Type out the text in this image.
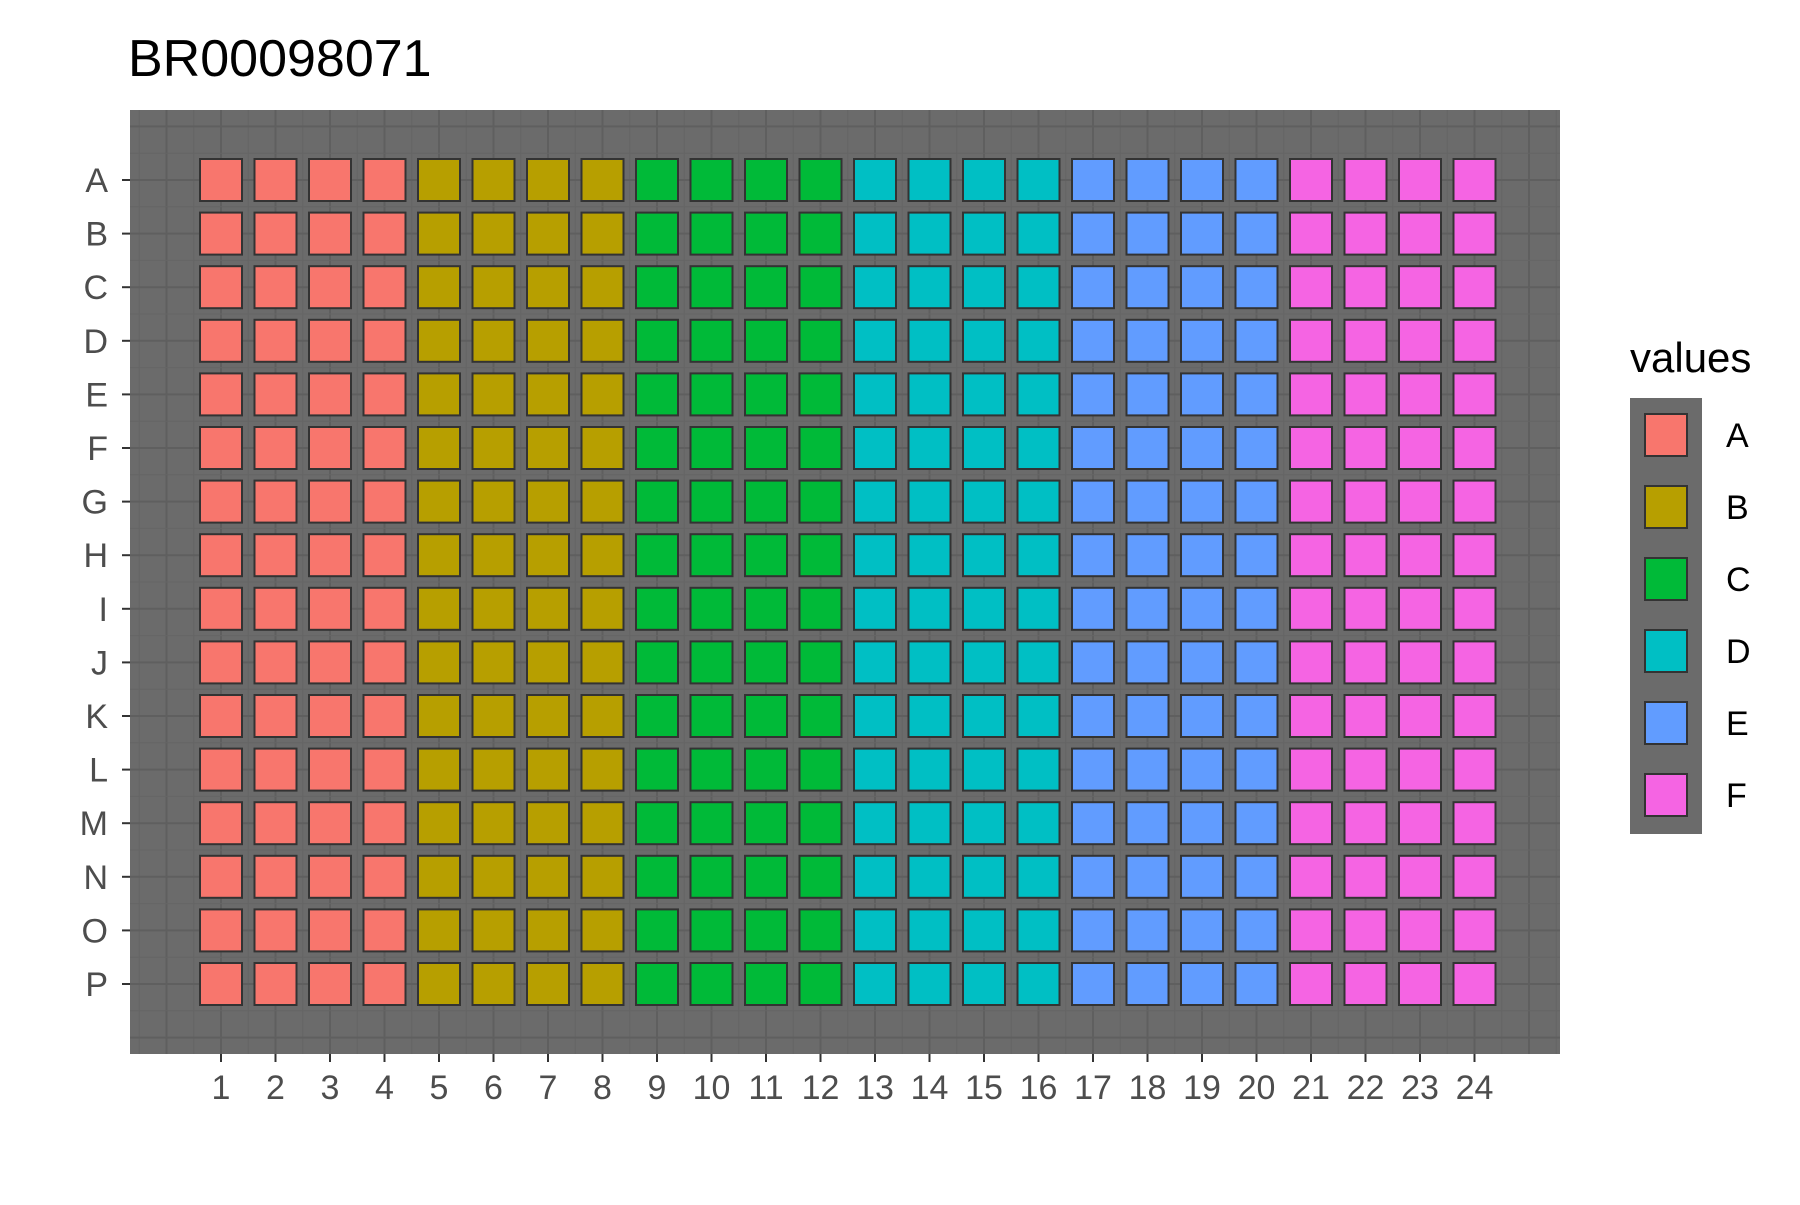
BR00098071
A
B
C
D
E
F
G
H
I
J
K
L
M
N
O
P
1 2 3 4 5 6 7 8 9 10 11 12 13 14 15 16 17 18 19 20 21 22 23 24
values
A
B
C
D
E
F
